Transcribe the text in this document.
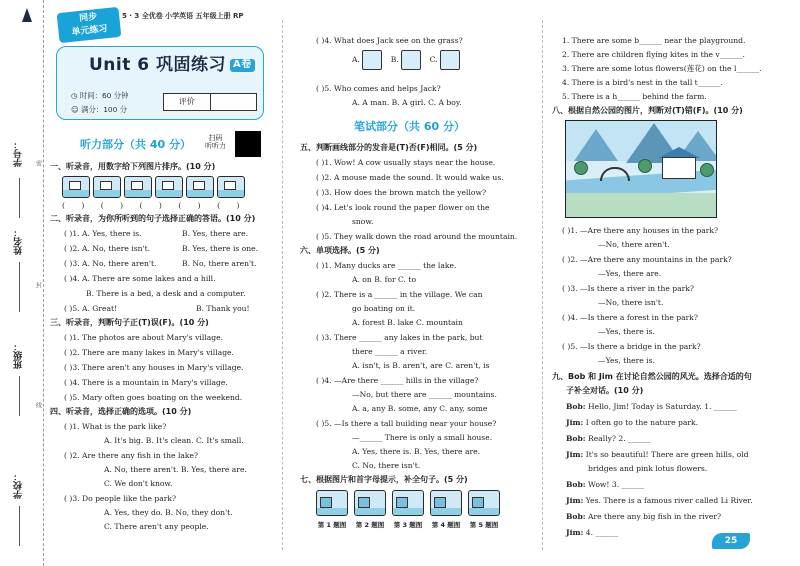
学号：
姓名：
班级：
学校：
密
封
线
同步
单元练习
5 · 3 全优卷 小学英语 五年级上册 RP
Unit 6 巩固练习 A卷
◷ 时间：60 分钟
☺ 满分：100 分
评价
听力部分（共 40 分）	扫码
听听力
一、听录音，用数字给下列图片排序。(10 分)
( ) ( ) ( ) ( ) ( )
二、听录音，为你所听到的句子选择正确的答语。(10 分)
( )1. A. Yes, there is.	B. Yes, there are.
( )2. A. No, there isn't.	B. Yes, there is one.
( )3. A. No, there aren't.	B. No, there aren't.
( )4. A. There are some lakes and a hill.
B. There is a bed, a desk and a computer.
( )5. A. Great!	B. Thank you!
三、听录音，判断句子正(T)误(F)。(10 分)
( )1. The photos are about Mary's village.
( )2. There are many lakes in Mary's village.
( )3. There aren't any houses in Mary's village.
( )4. There is a mountain in Mary's village.
( )5. Mary often goes boating on the weekend.
四、听录音，选择正确的选项。(10 分)
( )1. What is the park like?
A. It's big. B. It's clean. C. It's small.
( )2. Are there any fish in the lake?
A. No, there aren't. B. Yes, there are.
C. We don't know.
( )3. Do people like the park?
A. Yes, they do. B. No, they don't.
C. There aren't any people.
( )4. What does Jack see on the grass?
A.	B.	C.
( )5. Who comes and helps Jack?
A. A man. B. A girl. C. A boy.
笔试部分（共 60 分）
五、判断画线部分的发音是(T)否(F)相同。(5 分)
( )1. Wow! A cow usually stays near the house.
( )2. A mouse made the sound. It would wake us.
( )3. How does the brown match the yellow?
( )4. Let's look round the paper flower on the
snow.
( )5. They walk down the road around the mountain.
六、单项选择。(5 分)
( )1. Many ducks are ______ the lake.
A. on B. for C. to
( )2. There is a ______ in the village. We can
go boating on it.
A. forest B. lake C. mountain
( )3. There ______ any lakes in the park, but
there ______ a river.
A. isn't, is B. aren't, are C. aren't, is
( )4. —Are there ______ hills in the village?
—No, but there are ______ mountains.
A. a, any B. some, any C. any, some
( )5. —Is there a tall building near your house?
—______ There is only a small house.
A. Yes, there is. B. Yes, there are.
C. No, there isn't.
七、根据图片和首字母提示，补全句子。(5 分)
第 1 题图	第 2 题图	第 3 题图	第 4 题图	第 5 题图
1. There are some b______ near the playground.
2. There are children flying kites in the v______.
3. There are some lotus flowers(莲花) on the l______.
4. There is a bird's nest in the tall t______.
5. There is a h______ behind the farm.
八、根据自然公园的图片，判断对(T)错(F)。(10 分)
( )1. —Are there any houses in the park?
—No, there aren't.
( )2. —Are there any mountains in the park?
—Yes, there are.
( )3. —Is there a river in the park?
—No, there isn't.
( )4. —Is there a forest in the park?
—Yes, there is.
( )5. —Is there a bridge in the park?
—Yes, there is.
九、Bob 和 Jim 在讨论自然公园的风光。选择合适的句
子补全对话。(10 分)
Bob: Hello, Jim! Today is Saturday. 1. ______
Jim: I often go to the nature park.
Bob: Really? 2. ______
Jim: It's so beautiful! There are green hills, old
bridges and pink lotus flowers.
Bob: Wow! 3. ______
Jim: Yes. There is a famous river called Li River.
Bob: Are there any big fish in the river?
Jim: 4. ______
25
